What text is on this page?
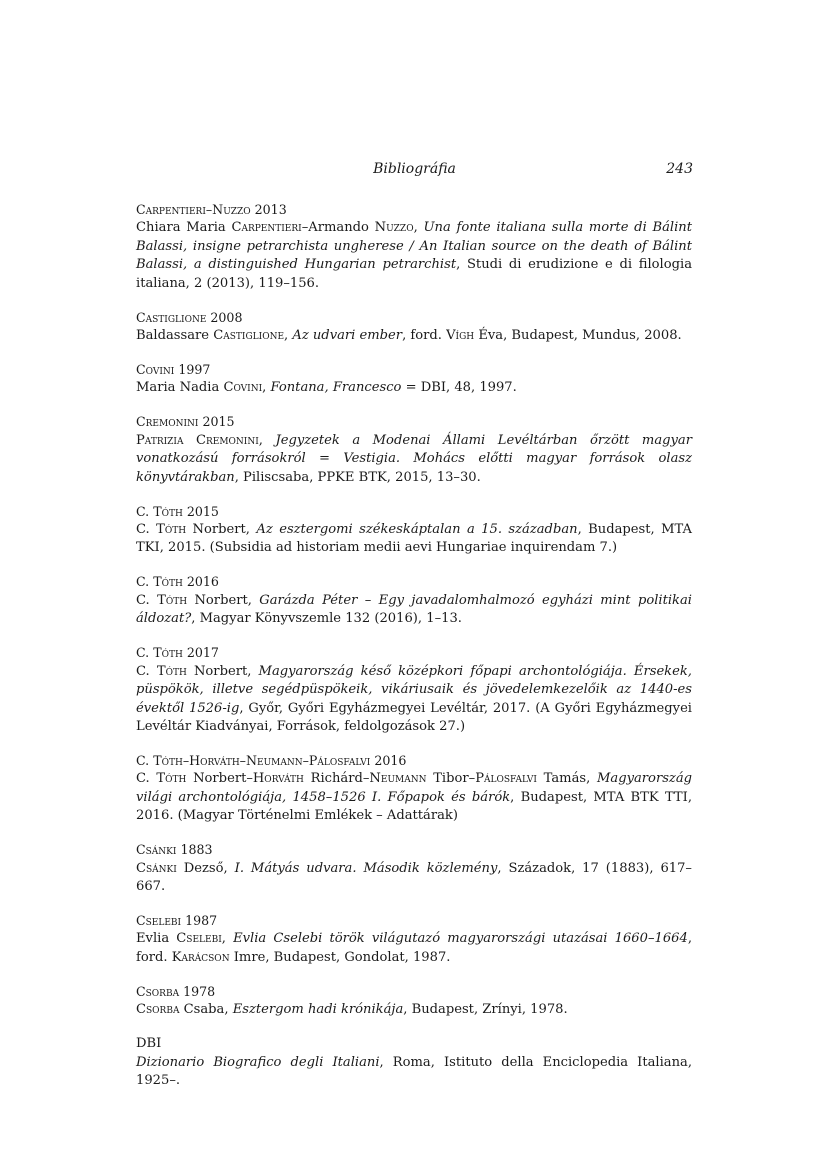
Bibliográfia	243
Carpentieri–Nuzzo 2013
Chiara Maria Carpentieri–Armando Nuzzo, Una fonte italiana sulla morte di Bálint Balassi, insigne petrarchista ungherese / An Italian source on the death of Bálint Balassi, a distinguished Hungarian petrarchist, Studi di erudizione e di filologia italiana, 2 (2013), 119–156.
Castiglione 2008
Baldassare Castiglione, Az udvari ember, ford. Vígh Éva, Budapest, Mundus, 2008.
Covini 1997
Maria Nadia Covini, Fontana, Francesco = DBI, 48, 1997.
Cremonini 2015
Patrizia Cremonini, Jegyzetek a Modenai Állami Levéltárban őrzött magyar vonatkozású forrásokról = Vestigia. Mohács előtti magyar források olasz könyvtárakban, Piliscsaba, PPKE BTK, 2015, 13–30.
C. Tóth 2015
C. Tóth Norbert, Az esztergomi székeskáptalan a 15. században, Budapest, MTA TKI, 2015. (Subsidia ad historiam medii aevi Hungariae inquirendam 7.)
C. Tóth 2016
C. Tóth Norbert, Garázda Péter – Egy javadalomhalmozó egyházi mint politikai áldozat?, Magyar Könyvszemle 132 (2016), 1–13.
C. Tóth 2017
C. Tóth Norbert, Magyarország késő középkori főpapi archontológiája. Érsekek, püspökök, illetve segédpüspökeik, vikáriusaik és jövedelemkezelőik az 1440-es évektől 1526-ig, Győr, Győri Egyházmegyei Levéltár, 2017. (A Győri Egyházmegyei Levéltár Kiadványai, Források, feldolgozások 27.)
C. Tóth–Horváth–Neumann–Pálosfalvi 2016
C. Tóth Norbert–Horváth Richárd–Neumann Tibor–Pálosfalvi Tamás, Magyarország világi archontológiája, 1458–1526 I. Főpapok és bárók, Budapest, MTA BTK TTI, 2016. (Magyar Történelmi Emlékek – Adattárak)
Csánki 1883
Csánki Dezső, I. Mátyás udvara. Második közlemény, Századok, 17 (1883), 617–667.
Cselebi 1987
Evlia Cselebi, Evlia Cselebi török világutazó magyarországi utazásai 1660–1664, ford. Karácson Imre, Budapest, Gondolat, 1987.
Csorba 1978
Csorba Csaba, Esztergom hadi krónikája, Budapest, Zrínyi, 1978.
DBI
Dizionario Biografico degli Italiani, Roma, Istituto della Enciclopedia Italiana, 1925–.
